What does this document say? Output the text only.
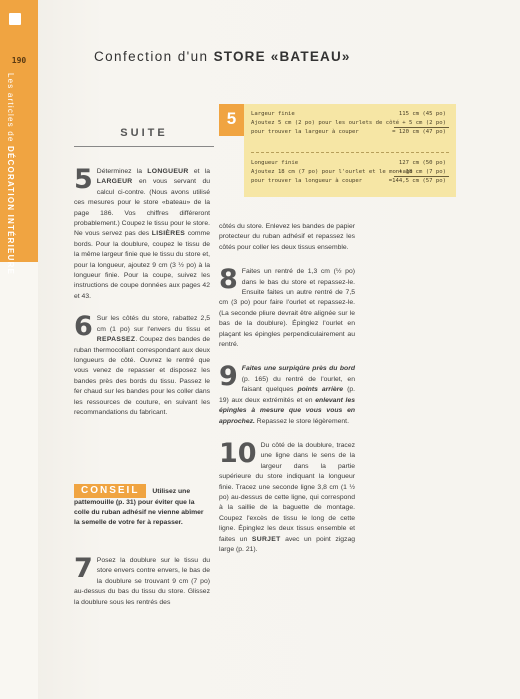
190
Les articles de DÉCORATION INTÉRIEURE
Confection d'un STORE «BATEAU»
SUITE

5 Déterminez la LONGUEUR et la LARGEUR en vous servant du calcul ci-contre. (Nous avons utilisé ces mesures pour le store «bateau» de la page 186. Vos chiffres différeront probablement.) Coupez le tissu pour le store. Ne vous servez pas des LISIÈRES comme bords. Pour la doublure, coupez le tissu de la même largeur finie que le tissu du store et, pour la longueur, ajoutez 9 cm (3 ½ po) à la longueur finie. Pour la coupe, suivez les instructions de coupe données aux pages 42 et 43.

6 Sur les côtés du store, rabattez 2,5 cm (1 po) sur l'envers du tissu et REPASSEZ. Coupez des bandes de ruban thermocollant correspondant aux deux longueurs de côté. Ouvrez le rentré que vous venez de repasser et disposez les bandes près des bords du tissu. Passez le fer chaud sur les bandes pour les coller dans les ressources de couture, en suivant les recommandations du fabricant.

CONSEIL Utilisez une pattemouille (p. 31) pour éviter que la colle du ruban adhésif ne vienne abîmer la semelle de votre fer à repasser.

7 Posez la doublure sur le tissu du store envers contre envers, le bas de la doublure se trouvant 9 cm (7 po) au-dessus du bas du tissu du store. Glissez la doublure sous les rentrés des

5	Largeur finie
Ajoutez 5 cm (2 po) pour les ourlets de côté
pour trouver la largeur à couper
115 cm (45 po)
+ 5 cm (2 po)
= 120 cm (47 po)
Longueur finie
Ajoutez 18 cm (7 po) pour l'ourlet et le montage
pour trouver la longueur à couper
127 cm (50 po)
+ 18 cm (7 po)
=144,5 cm (57 po)

côtés du store. Enlevez les bandes de papier protecteur du ruban adhésif et repassez les côtés pour coller les deux tissus ensemble.

8 Faites un rentré de 1,3 cm (½ po) dans le bas du store et repassez-le. Ensuite faites un autre rentré de 7,5 cm (3 po) pour faire l'ourlet et repassez-le. (La seconde pliure devrait être alignée sur le bas de la doublure). Épinglez l'ourlet en plaçant les épingles perpendiculairement au rentré.

9 Faites une surpiqûre près du bord (p. 165) du rentré de l'ourlet, en faisant quelques points arrière (p. 19) aux deux extrémités et en enlevant les épingles à mesure que vous vous en approchez. Repassez le store légèrement.

10 Du côté de la doublure, tracez une ligne dans le sens de la largeur dans la partie supérieure du store indiquant la longueur finie. Tracez une seconde ligne 3,8 cm (1 ½ po) au-dessus de cette ligne, qui correspond à la saillie de la baguette de montage. Coupez l'excès de tissu le long de cette ligne. Épinglez les deux tissus ensemble et faites un SURJET avec un point zigzag large (p. 21).
